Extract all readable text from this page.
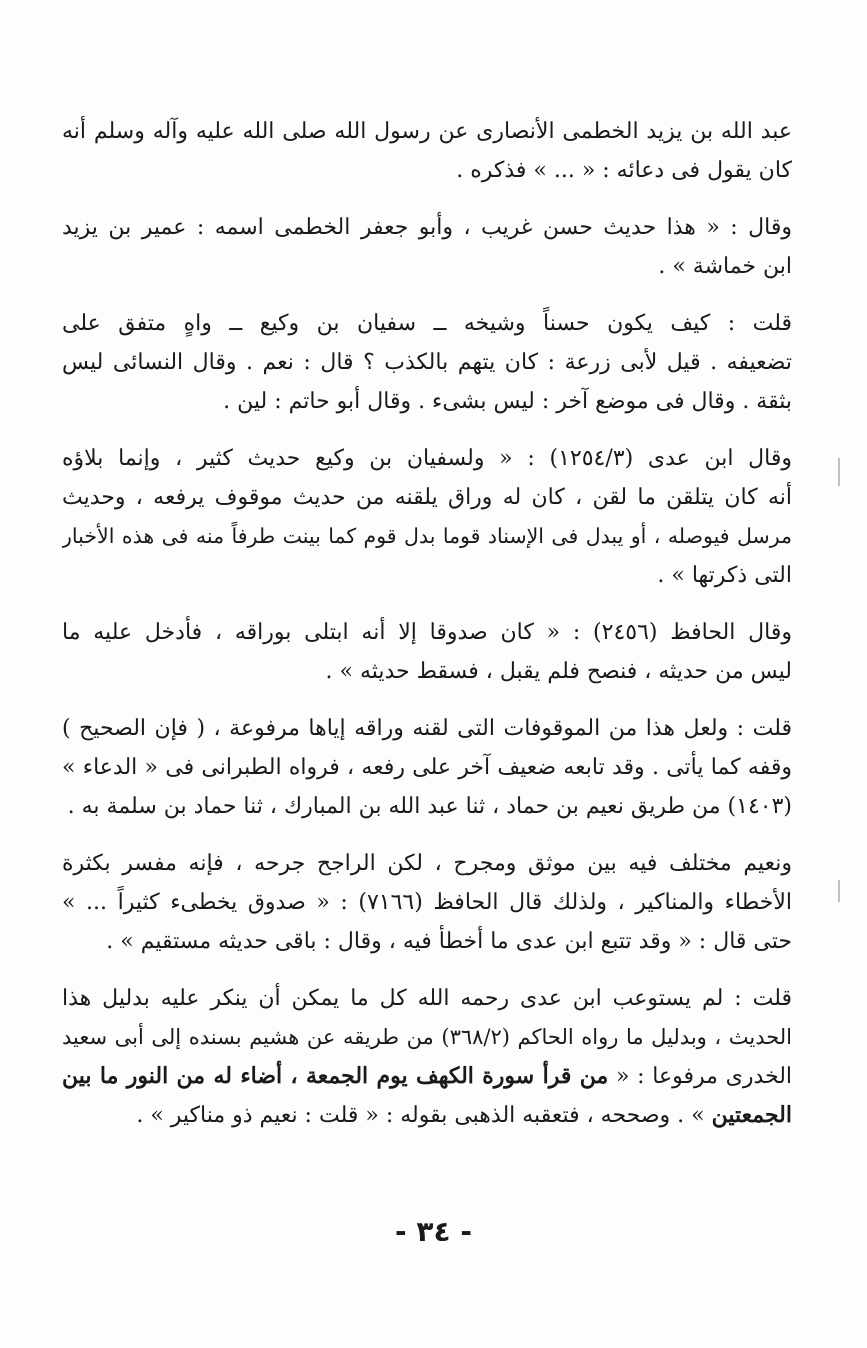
عبد الله بن يزيد الخطمى الأنصارى عن رسول الله صلى الله عليه وآله وسلم أنه
كان يقول فى دعائه : « ... » فذكره .

وقال : « هذا حديث حسن غريب ، وأبو جعفر الخطمى اسمه : عمير بن يزيد
ابن خماشة » .

قلت : كيف يكون حسناً وشيخه ــ سفيان بن وكيع ــ واهٍ متفق على
تضعيفه . قيل لأبى زرعة : كان يتهم بالكذب ؟ قال : نعم . وقال النسائى ليس
بثقة . وقال فى موضع آخر : ليس بشىء . وقال أبو حاتم : لين .

وقال ابن عدى (١٢٥٤/٣) : « ولسفيان بن وكيع حديث كثير ، وإنما بلاؤه
أنه كان يتلقن ما لقن ، كان له وراق يلقنه من حديث موقوف يرفعه ، وحديث
مرسل فيوصله ، أو يبدل فى الإسناد قوما بدل قوم كما بينت طرفاً منه فى هذه الأخبار
التى ذكرتها » .

وقال الحافظ (٢٤٥٦) : « كان صدوقا إلا أنه ابتلى بوراقه ، فأدخل عليه ما
ليس من حديثه ، فنصح فلم يقبل ، فسقط حديثه » .

قلت : ولعل هذا من الموقوفات التى لقنه وراقه إياها مرفوعة ، ( فإن الصحيح )
وقفه كما يأتى . وقد تابعه ضعيف آخر على رفعه ، فرواه الطبرانى فى « الدعاء »
(١٤٠٣) من طريق نعيم بن حماد ، ثنا عبد الله بن المبارك ، ثنا حماد بن سلمة به .

ونعيم مختلف فيه بين موثق ومجرح ، لكن الراجح جرحه ، فإنه مفسر بكثرة
الأخطاء والمناكير ، ولذلك قال الحافظ (٧١٦٦) : « صدوق يخطىء كثيراً ... »
حتى قال : « وقد تتبع ابن عدى ما أخطأ فيه ، وقال : باقى حديثه مستقيم » .

قلت : لم يستوعب ابن عدى رحمه الله كل ما يمكن أن ينكر عليه بدليل هذا
الحديث ، وبدليل ما رواه الحاكم (٣٦٨/٢) من طريقه عن هشيم بسنده إلى أبى سعيد
الخدرى مرفوعا : « من قرأ سورة الكهف يوم الجمعة ، أضاء له من النور ما بين
الجمعتين » . وصححه ، فتعقبه الذهبى بقوله : « قلت : نعيم ذو مناكير » .

- ٣٤ -
